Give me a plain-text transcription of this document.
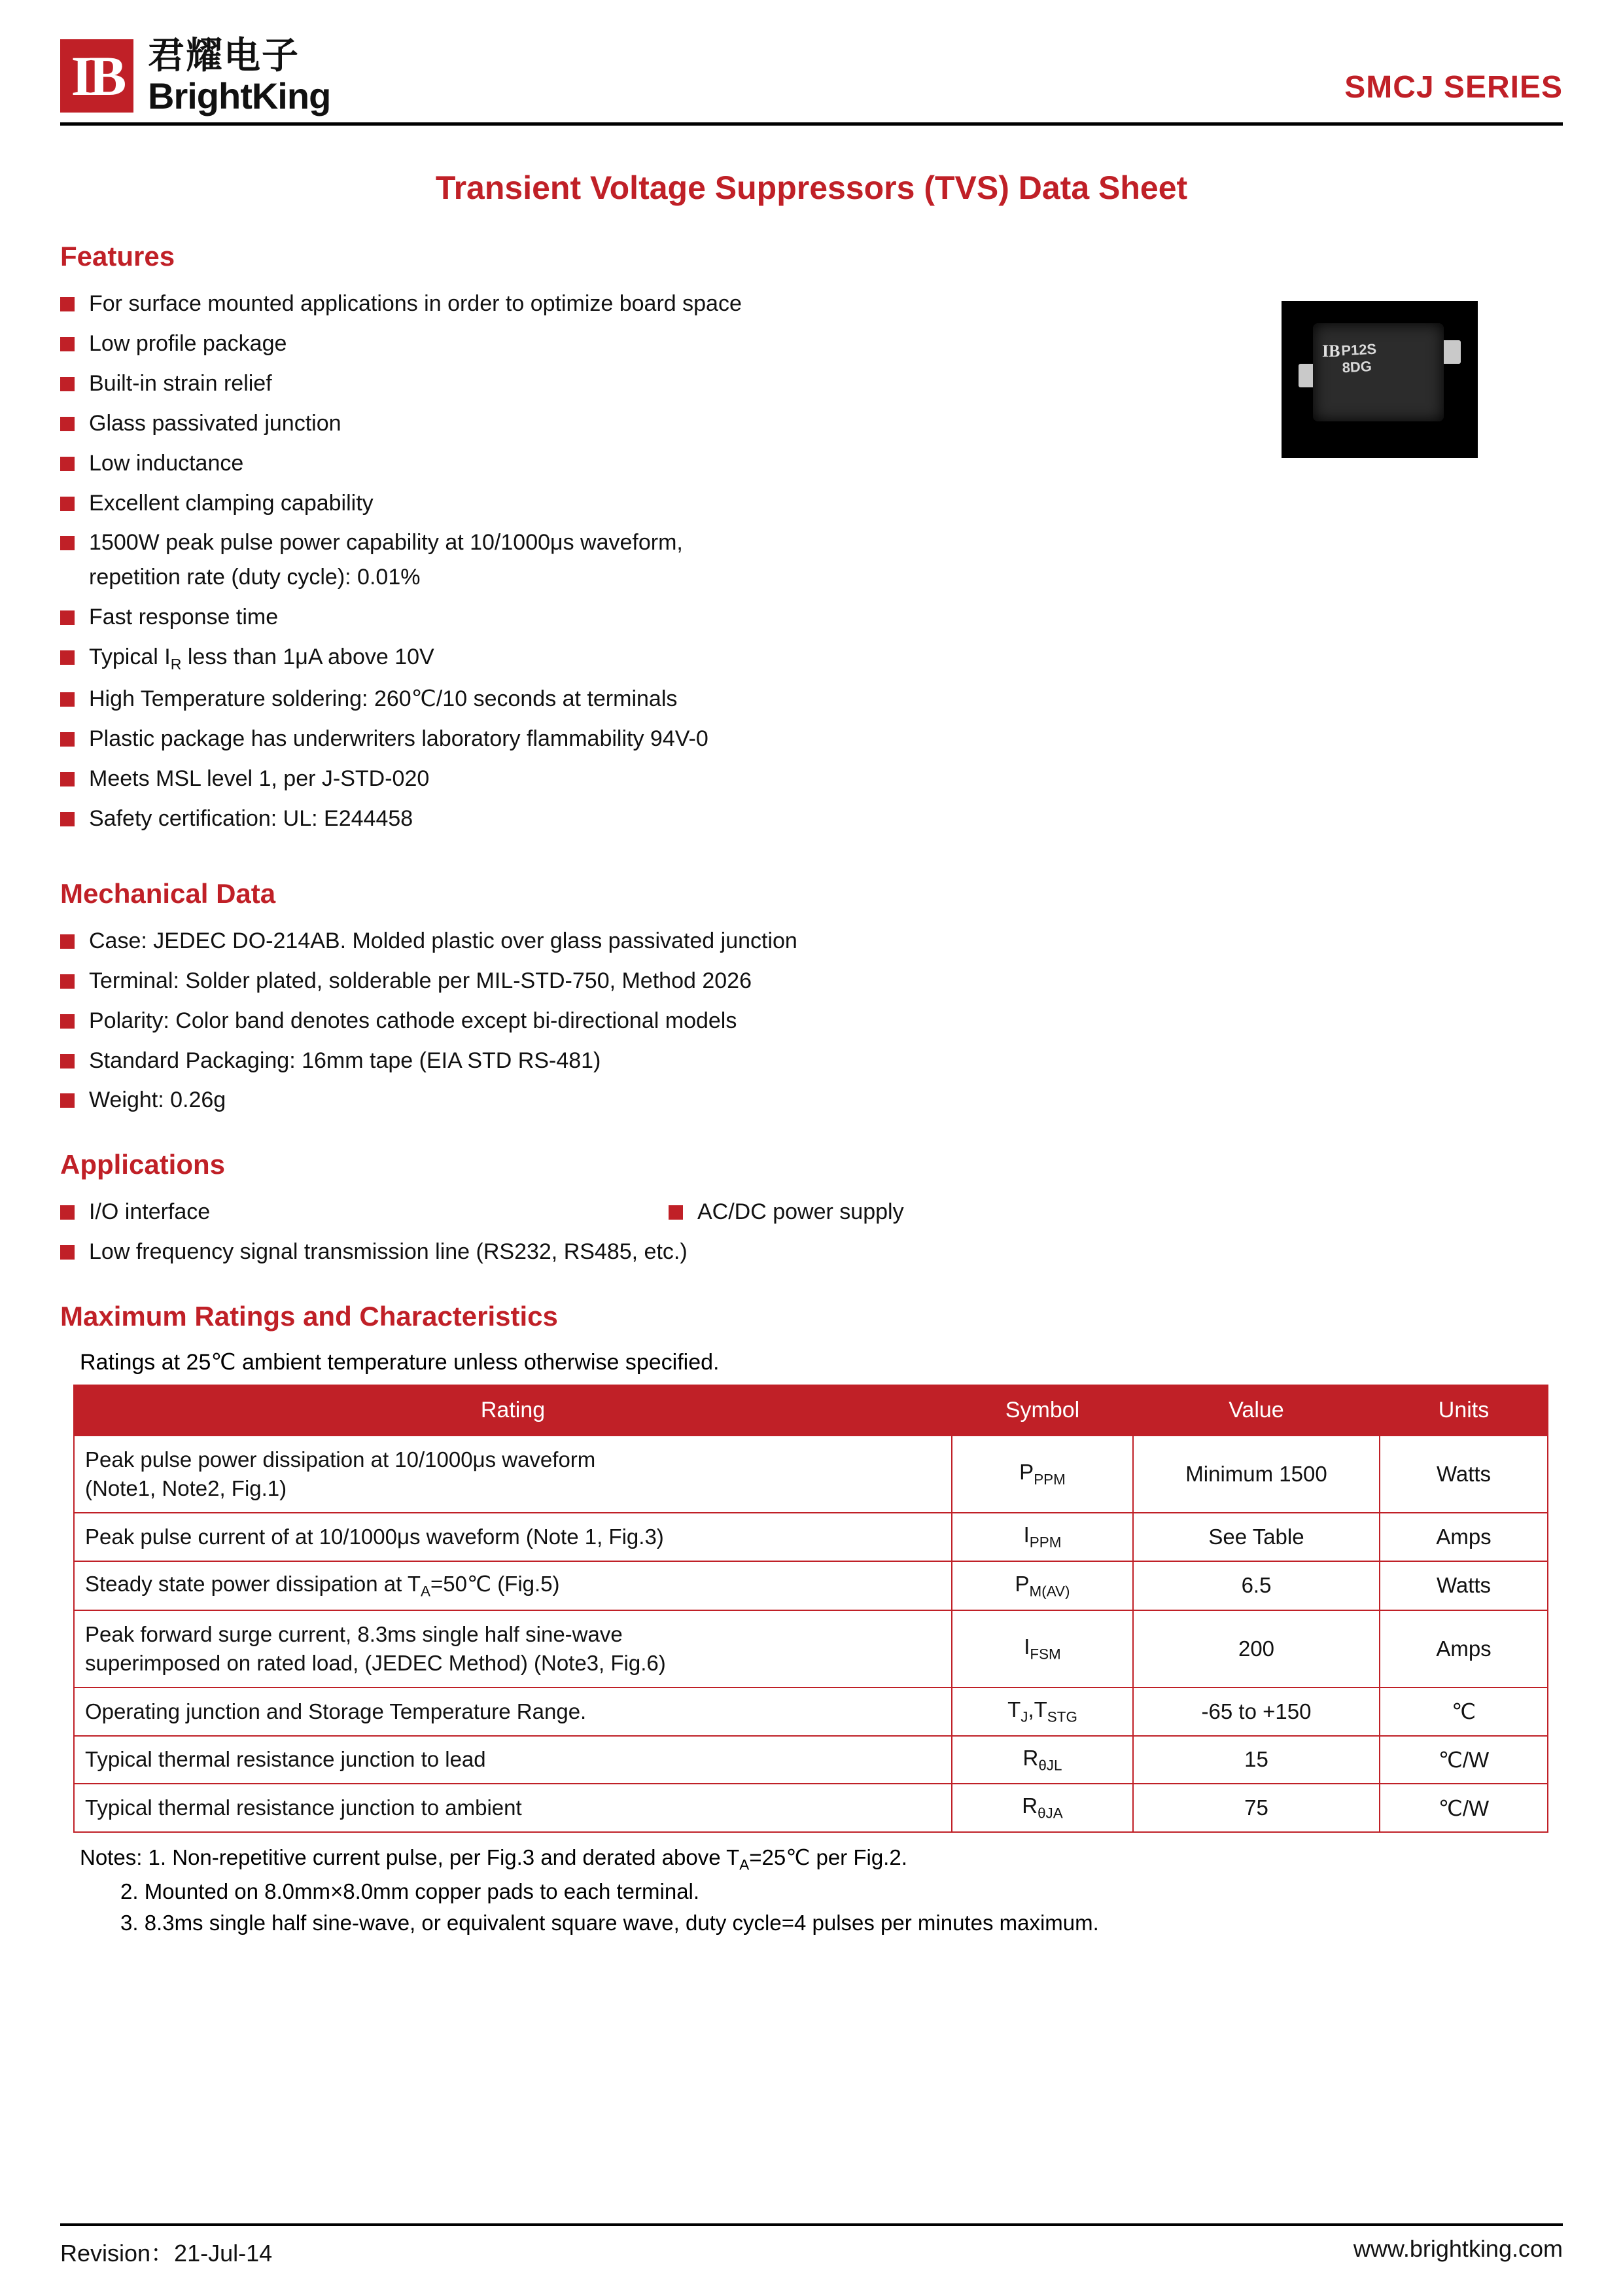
IB 君耀电子
BrightKing	SMCJ SERIES
Transient Voltage Suppressors (TVS) Data Sheet
Features
For surface mounted applications in order to optimize board space
Low profile package
Built-in strain relief
Glass passivated junction
Low inductance
Excellent clamping capability
1500W peak pulse power capability at 10/1000μs waveform,
repetition rate (duty cycle): 0.01%
Fast response time
Typical $I_R$ less than 1μA above 10V
High Temperature soldering: 260℃/10 seconds at terminals
Plastic package has underwriters laboratory flammability 94V-0
Meets MSL level 1, per J-STD-020
Safety certification: UL: E244458
IB P12S
8DG
Mechanical Data
Case: JEDEC DO-214AB. Molded plastic over glass passivated junction
Terminal: Solder plated, solderable per MIL-STD-750, Method 2026
Polarity: Color band denotes cathode except bi-directional models
Standard Packaging: 16mm tape (EIA STD RS-481)
Weight: 0.26g
Applications
I/O interface	AC/DC power supply
Low frequency signal transmission line (RS232, RS485, etc.)
Maximum Ratings and Characteristics
Ratings at 25℃ ambient temperature unless otherwise specified.
Rating	Symbol	Value	Units
Peak pulse power dissipation at 10/1000μs waveform
(Note1, Note2, Fig.1)	$P_{PPM}$	Minimum 1500	Watts
Peak pulse current of at 10/1000μs waveform (Note 1, Fig.3)	$I_{PPM}$	See Table	Amps
Steady state power dissipation at $T_A=50℃$ (Fig.5)	$P_{M(AV)}$	6.5	Watts
Peak forward surge current, 8.3ms single half sine-wave
superimposed on rated load, (JEDEC Method) (Note3, Fig.6)	$I_{FSM}$	200	Amps
Operating junction and Storage Temperature Range.	$T_J,T_{STG}$	-65 to +150	℃
Typical thermal resistance junction to lead	$R_{\theta JL}$	15	℃/W
Typical thermal resistance junction to ambient	$R_{\theta JA}$	75	℃/W
Notes: 1. Non-repetitive current pulse, per Fig.3 and derated above $T_A=25℃$ per Fig.2.
2. Mounted on 8.0mm×8.0mm copper pads to each terminal.
3. 8.3ms single half sine-wave, or equivalent square wave, duty cycle=4 pulses per minutes maximum.
Revision：21-Jul-14	www.brightking.com
